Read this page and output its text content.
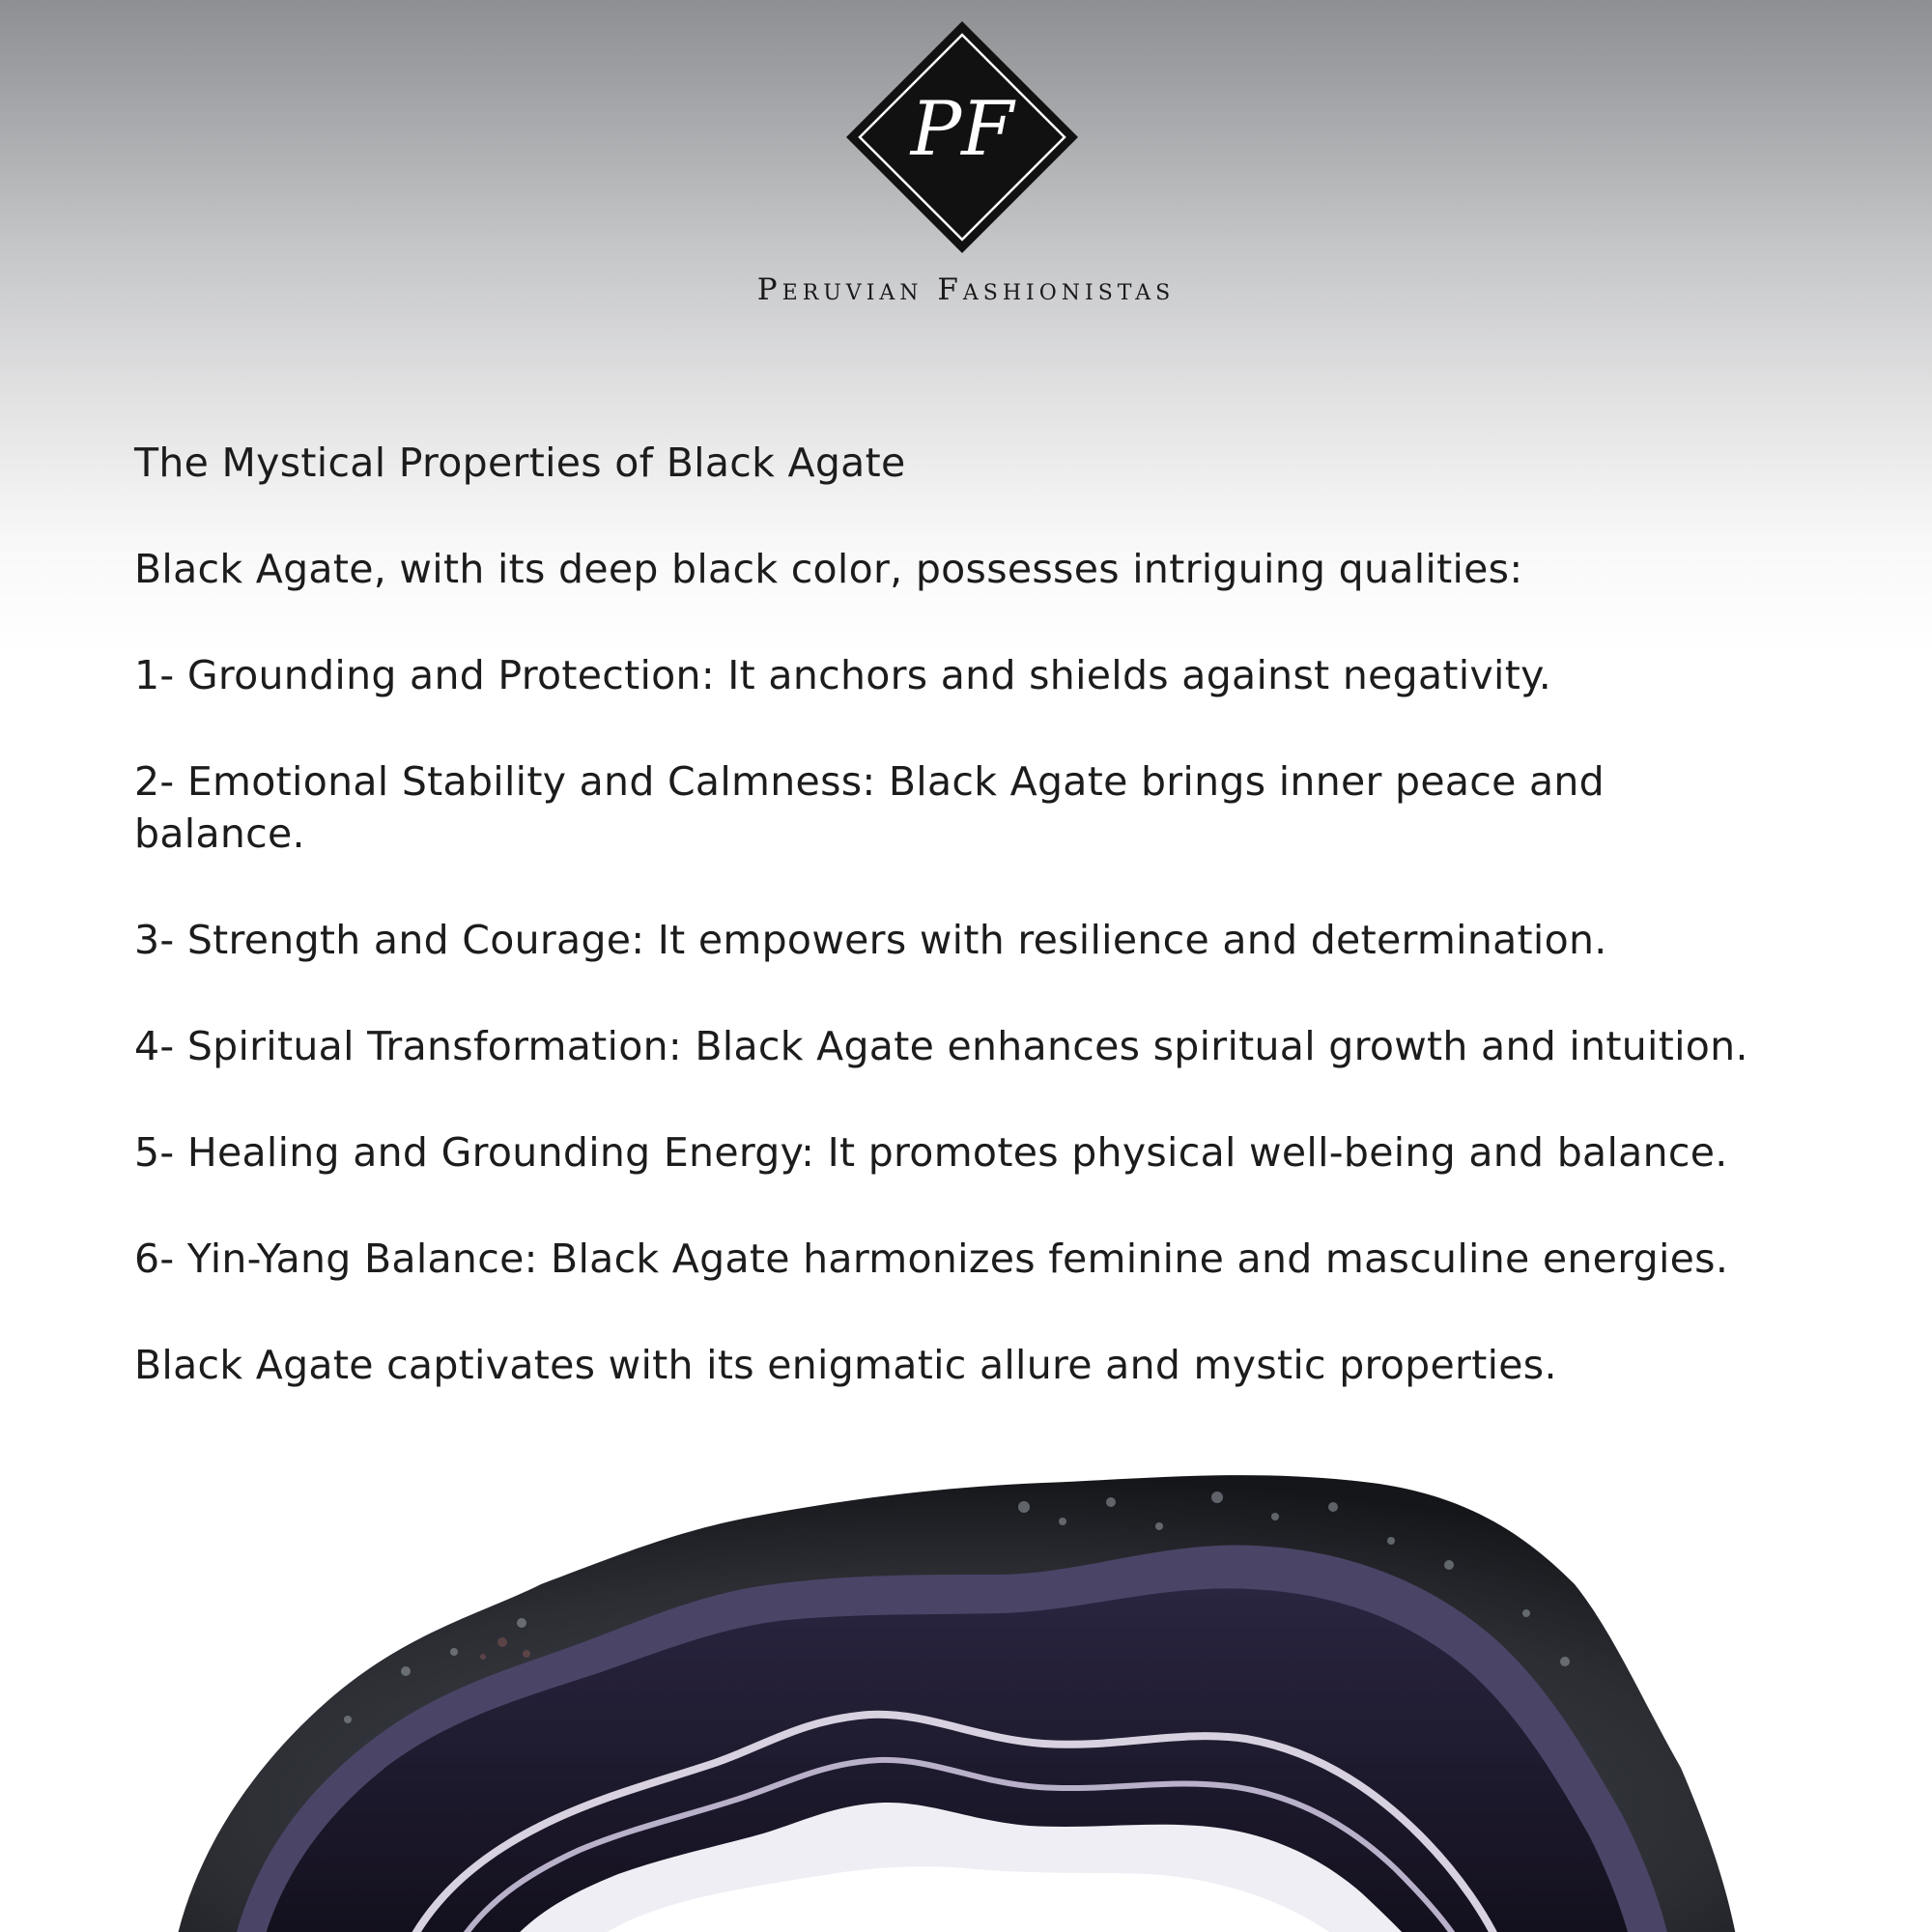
PF
Peruvian Fashionistas

The Mystical Properties of Black Agate

Black Agate, with its deep black color, possesses intriguing qualities:

1- Grounding and Protection: It anchors and shields against negativity.

2- Emotional Stability and Calmness: Black Agate brings inner peace and balance.

3- Strength and Courage: It empowers with resilience and determination.

4- Spiritual Transformation: Black Agate enhances spiritual growth and intuition.

5- Healing and Grounding Energy: It promotes physical well-being and balance.

6- Yin-Yang Balance: Black Agate harmonizes feminine and masculine energies.

Black Agate captivates with its enigmatic allure and mystic properties.
